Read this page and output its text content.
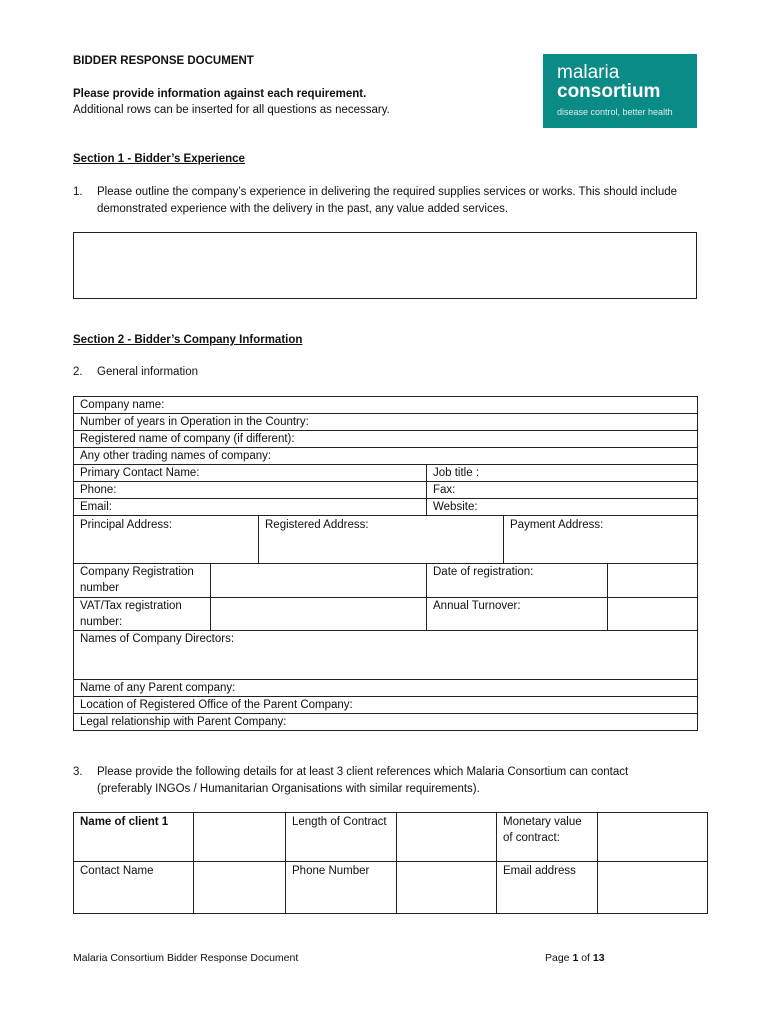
BIDDER RESPONSE DOCUMENT
Please provide information against each requirement.
Additional rows can be inserted for all questions as necessary.
malaria
consortium
disease control, better health
Section 1 - Bidder’s Experience
1. Please outline the company’s experience in delivering the required supplies services or works. This should include demonstrated experience with the delivery in the past, any value added services.
Section 2 - Bidder’s Company Information
2. General information
Company name:					
Number of years in Operation in the Country:					
Registered name of company (if different):					
Any other trading names of company:					
Primary Contact Name:			Job title :		
Phone:			Fax:		
Email:			Website:		
Principal Address:		Registered Address:		Payment Address:	
Company Registration number			Date of registration:		
VAT/Tax registration number:			Annual Turnover:		
Names of Company Directors:					
Name of any Parent company:					
Location of Registered Office of the Parent Company:					
Legal relationship with Parent Company:					
3. Please provide the following details for at least 3 client references which Malaria Consortium can contact (preferably INGOs / Humanitarian Organisations with similar requirements).
Name of client 1		Length of Contract		Monetary value of contract:	
Contact Name		Phone Number		Email address	
Malaria Consortium Bidder Response Document	Page 1 of 13
